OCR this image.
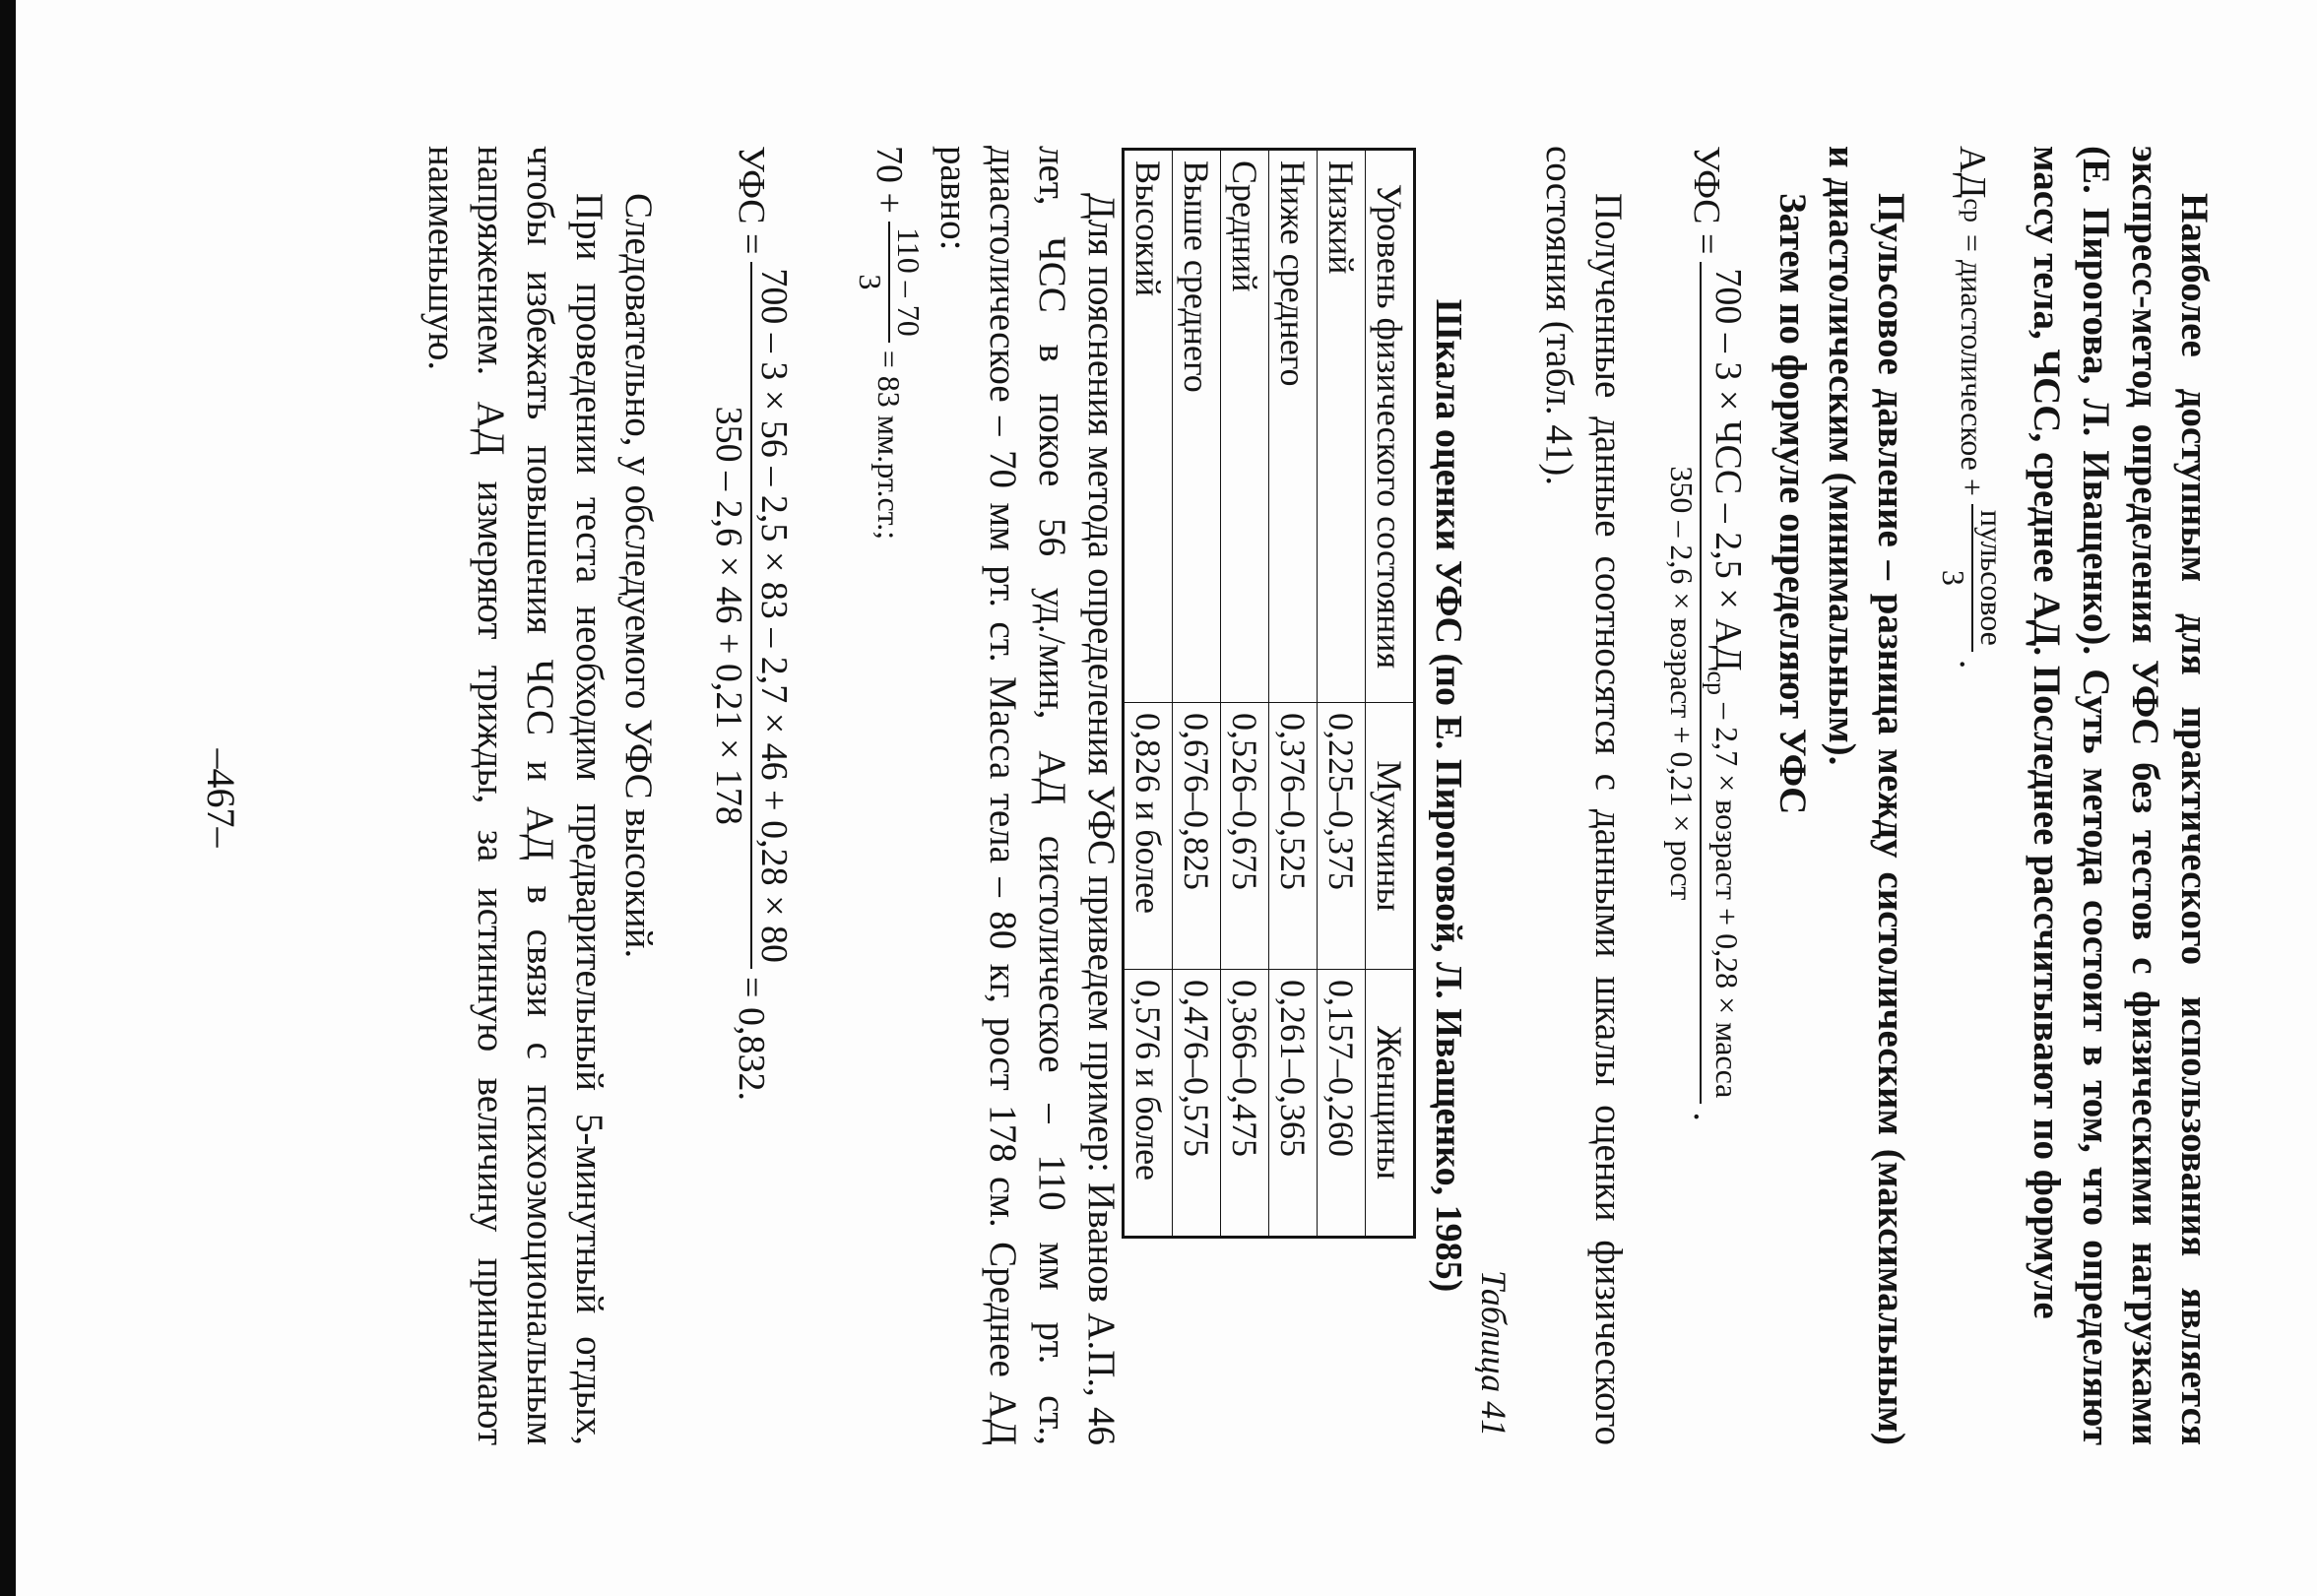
Наиболее доступным для практического использования является экспресс-метод определения УФС без тестов с физическими нагрузками (Е. Пирогова, Л. Иващенко). Суть метода состоит в том, что определяют массу тела, ЧСС, среднее АД. Последнее рассчитывают по формуле

АД
ср
= диастолическое +
пульсовое
3
.

Пульсовое давление – разница между систолическим (максимальным) и диастолическим (минимальным).

Затем по формуле определяют УФС

УФС =
700 – 3 × ЧСС – $2,5 \times АД_{ср} - 2,7$ × возраст + 0,28 × масса
350 – 2,6 × возраст + 0,21 × рост
.

Полученные данные соотносятся с данными шкалы оценки физического состояния (табл. 41).

Таблица 41
Шкала оценки УФС (по Е. Пироговой, Л. Иващенко, 1985)
Уровень физического состояния	Мужчины	Женщины
Низкий	0,225–0,375	0,157–0,260
Ниже среднего	0,376–0,525	0,261–0,365
Средний	0,526–0,675	0,366–0,475
Выше среднего	0,676–0,825	0,476–0,575
Высокий	0,826 и более	0,576 и более

Для пояснения метода определения УФС приведем пример: Иванов А.П., 46 лет, ЧСС в покое 56 уд./мин, АД систолическое – 110 мм рт. ст., диастолическое – 70 мм рт. ст. Масса тела – 80 кг, рост 178 см. Среднее АД равно:

70 +
110 – 70
3
= 83 мм.рт.ст.;
УФС =
700 – 3 × 56 – 2,5 × 83 – 2,7 × 46 + 0,28 × 80
350 – 2,6 × 46 + 0,21 × 178
= 0,832.

Следовательно, у обследуемого УФС высокий.

При проведении теста необходим предварительный 5-минутный отдых, чтобы избежать повышения ЧСС и АД в связи с психоэмоциональным напряжением. АД измеряют трижды, за истинную величину принимают наименьшую.

–467–
